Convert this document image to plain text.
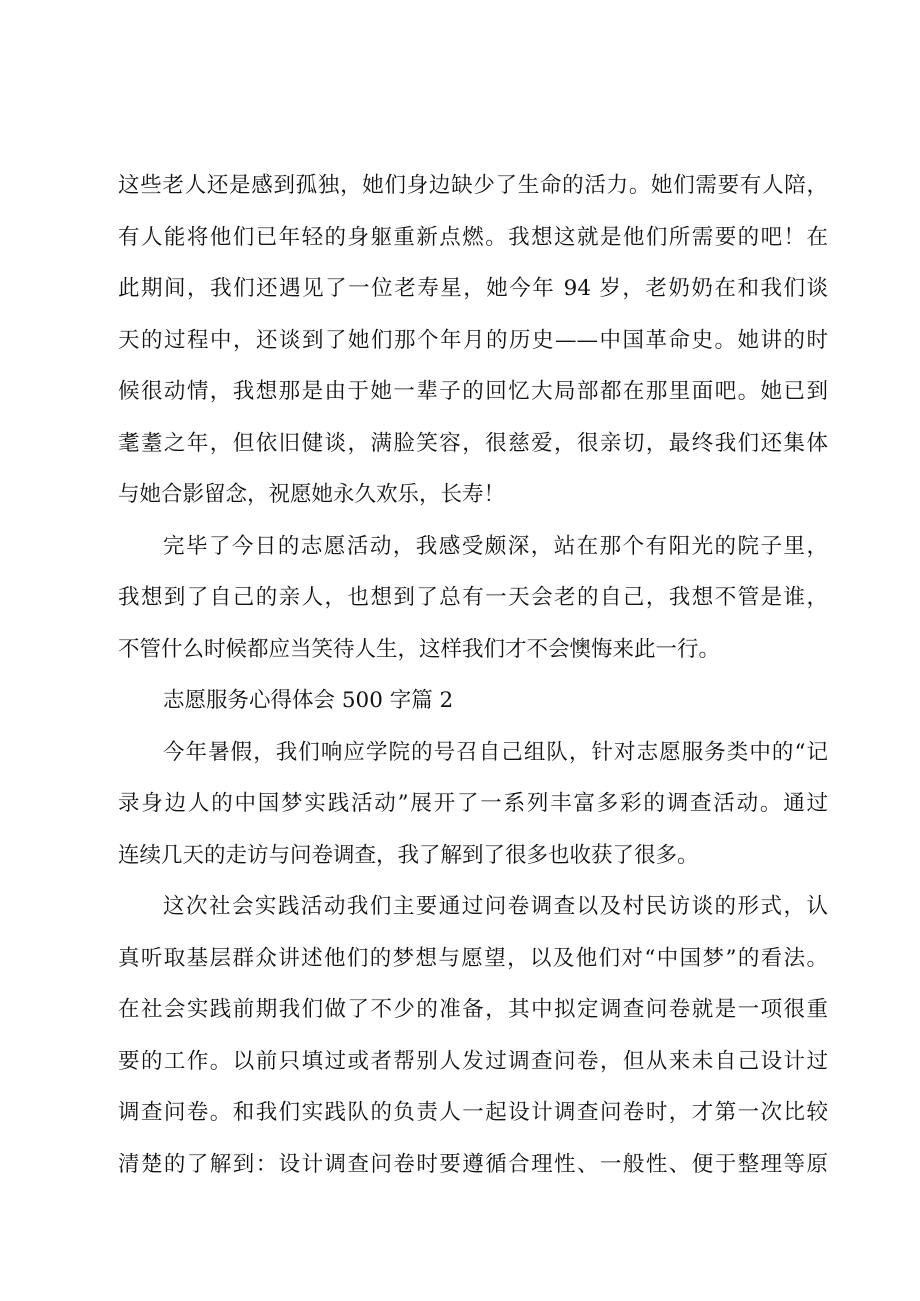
这些老人还是感到孤独，她们身边缺少了生命的活力。她们需要有人陪，
有人能将他们已年轻的身躯重新点燃。我想这就是他们所需要的吧！在
此期间，我们还遇见了一位老寿星，她今年 94 岁，老奶奶在和我们谈
天的过程中，还谈到了她们那个年月的历史——中国革命史。她讲的时
候很动情，我想那是由于她一辈子的回忆大局部都在那里面吧。她已到
耄耋之年，但依旧健谈，满脸笑容，很慈爱，很亲切，最终我们还集体
与她合影留念，祝愿她永久欢乐，长寿！
完毕了今日的志愿活动，我感受颇深，站在那个有阳光的院子里，
我想到了自己的亲人，也想到了总有一天会老的自己，我想不管是谁，
不管什么时候都应当笑待人生，这样我们才不会懊悔来此一行。
志愿服务心得体会 500 字篇 2
今年暑假，我们响应学院的号召自己组队，针对志愿服务类中的“记
录身边人的中国梦实践活动”展开了一系列丰富多彩的调查活动。通过
连续几天的走访与问卷调查，我了解到了很多也收获了很多。
这次社会实践活动我们主要通过问卷调查以及村民访谈的形式，认
真听取基层群众讲述他们的梦想与愿望，以及他们对“中国梦”的看法。
在社会实践前期我们做了不少的准备，其中拟定调查问卷就是一项很重
要的工作。以前只填过或者帮别人发过调查问卷，但从来未自己设计过
调查问卷。和我们实践队的负责人一起设计调查问卷时，才第一次比较
清楚的了解到：设计调查问卷时要遵循合理性、一般性、便于整理等原
